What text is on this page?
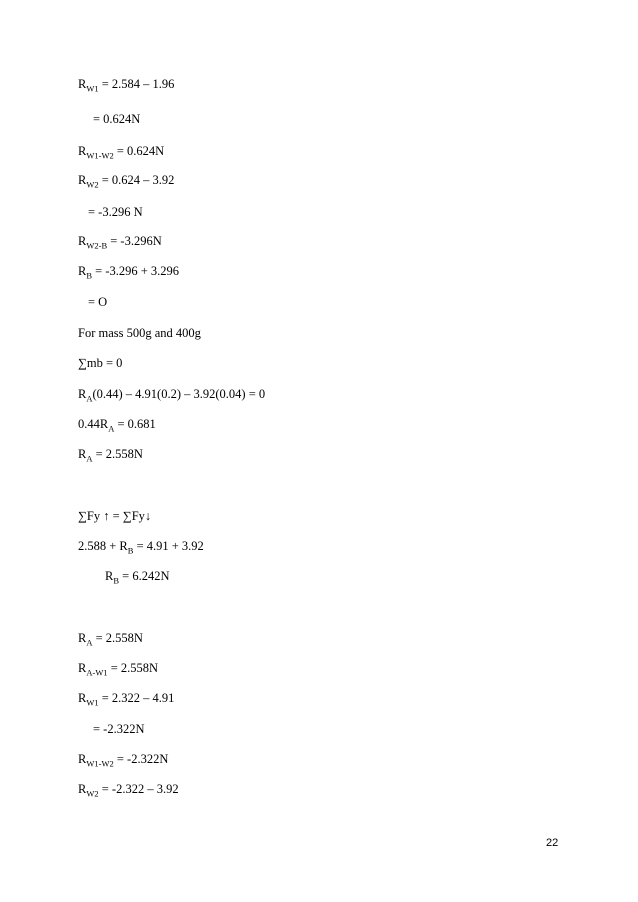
$R_{W1} = 2.584 - 1.96$
= 0.624N
$R_{W1-W2} = 0.624N$
$R_{W2} = 0.624 - 3.92$
= -3.296 N
$R_{W2-B} = -3.296N$
$R_B = -3.296 + 3.296$
= O
For mass 500g and 400g
∑mb = 0
$R_A(0.44) - 4.91(0.2) - 3.92(0.04) = 0$
$0.44R_A = 0.681$
$R_A = 2.558N$
∑Fy ↑ = ∑Fy↓
$2.588 + R_B = 4.91 + 3.92$
$R_B = 6.242N$
$R_A = 2.558N$
$R_{A-W1} = 2.558N$
$R_{W1} = 2.322 - 4.91$
= -2.322N
$R_{W1-W2} = -2.322N$
$R_{W2} = -2.322 - 3.92$
22
